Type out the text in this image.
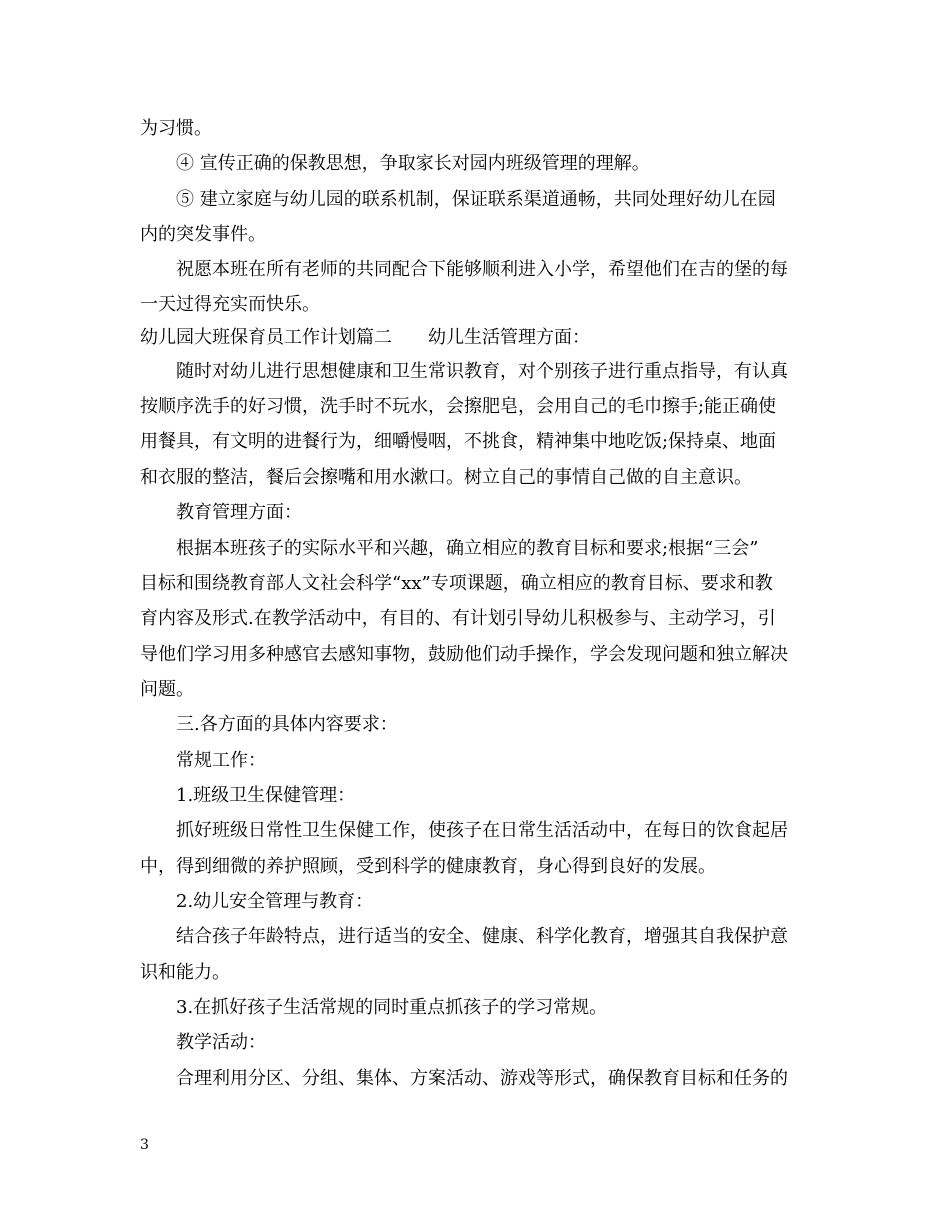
为习惯。
④ 宣传正确的保教思想，争取家长对园内班级管理的理解。
⑤ 建立家庭与幼儿园的联系机制，保证联系渠道通畅，共同处理好幼儿在园
内的突发事件。
祝愿本班在所有老师的共同配合下能够顺利进入小学，希望他们在吉的堡的每
一天过得充实而快乐。
幼儿园大班保育员工作计划篇二　　幼儿生活管理方面：
随时对幼儿进行思想健康和卫生常识教育，对个别孩子进行重点指导，有认真
按顺序洗手的好习惯，洗手时不玩水，会擦肥皂，会用自己的毛巾擦手;能正确使
用餐具，有文明的进餐行为，细嚼慢咽，不挑食，精神集中地吃饭;保持桌、地面
和衣服的整洁，餐后会擦嘴和用水漱口。树立自己的事情自己做的自主意识。
教育管理方面：
根据本班孩子的实际水平和兴趣，确立相应的教育目标和要求;根据“三会”
目标和围绕教育部人文社会科学“xx”专项课题，确立相应的教育目标、要求和教
育内容及形式.在教学活动中，有目的、有计划引导幼儿积极参与、主动学习，引
导他们学习用多种感官去感知事物，鼓励他们动手操作，学会发现问题和独立解决
问题。
三.各方面的具体内容要求：
常规工作：
1.班级卫生保健管理：
抓好班级日常性卫生保健工作，使孩子在日常生活活动中，在每日的饮食起居
中，得到细微的养护照顾，受到科学的健康教育，身心得到良好的发展。
2.幼儿安全管理与教育：
结合孩子年龄特点，进行适当的安全、健康、科学化教育，增强其自我保护意
识和能力。
3.在抓好孩子生活常规的同时重点抓孩子的学习常规。
教学活动：
合理利用分区、分组、集体、方案活动、游戏等形式，确保教育目标和任务的
3
